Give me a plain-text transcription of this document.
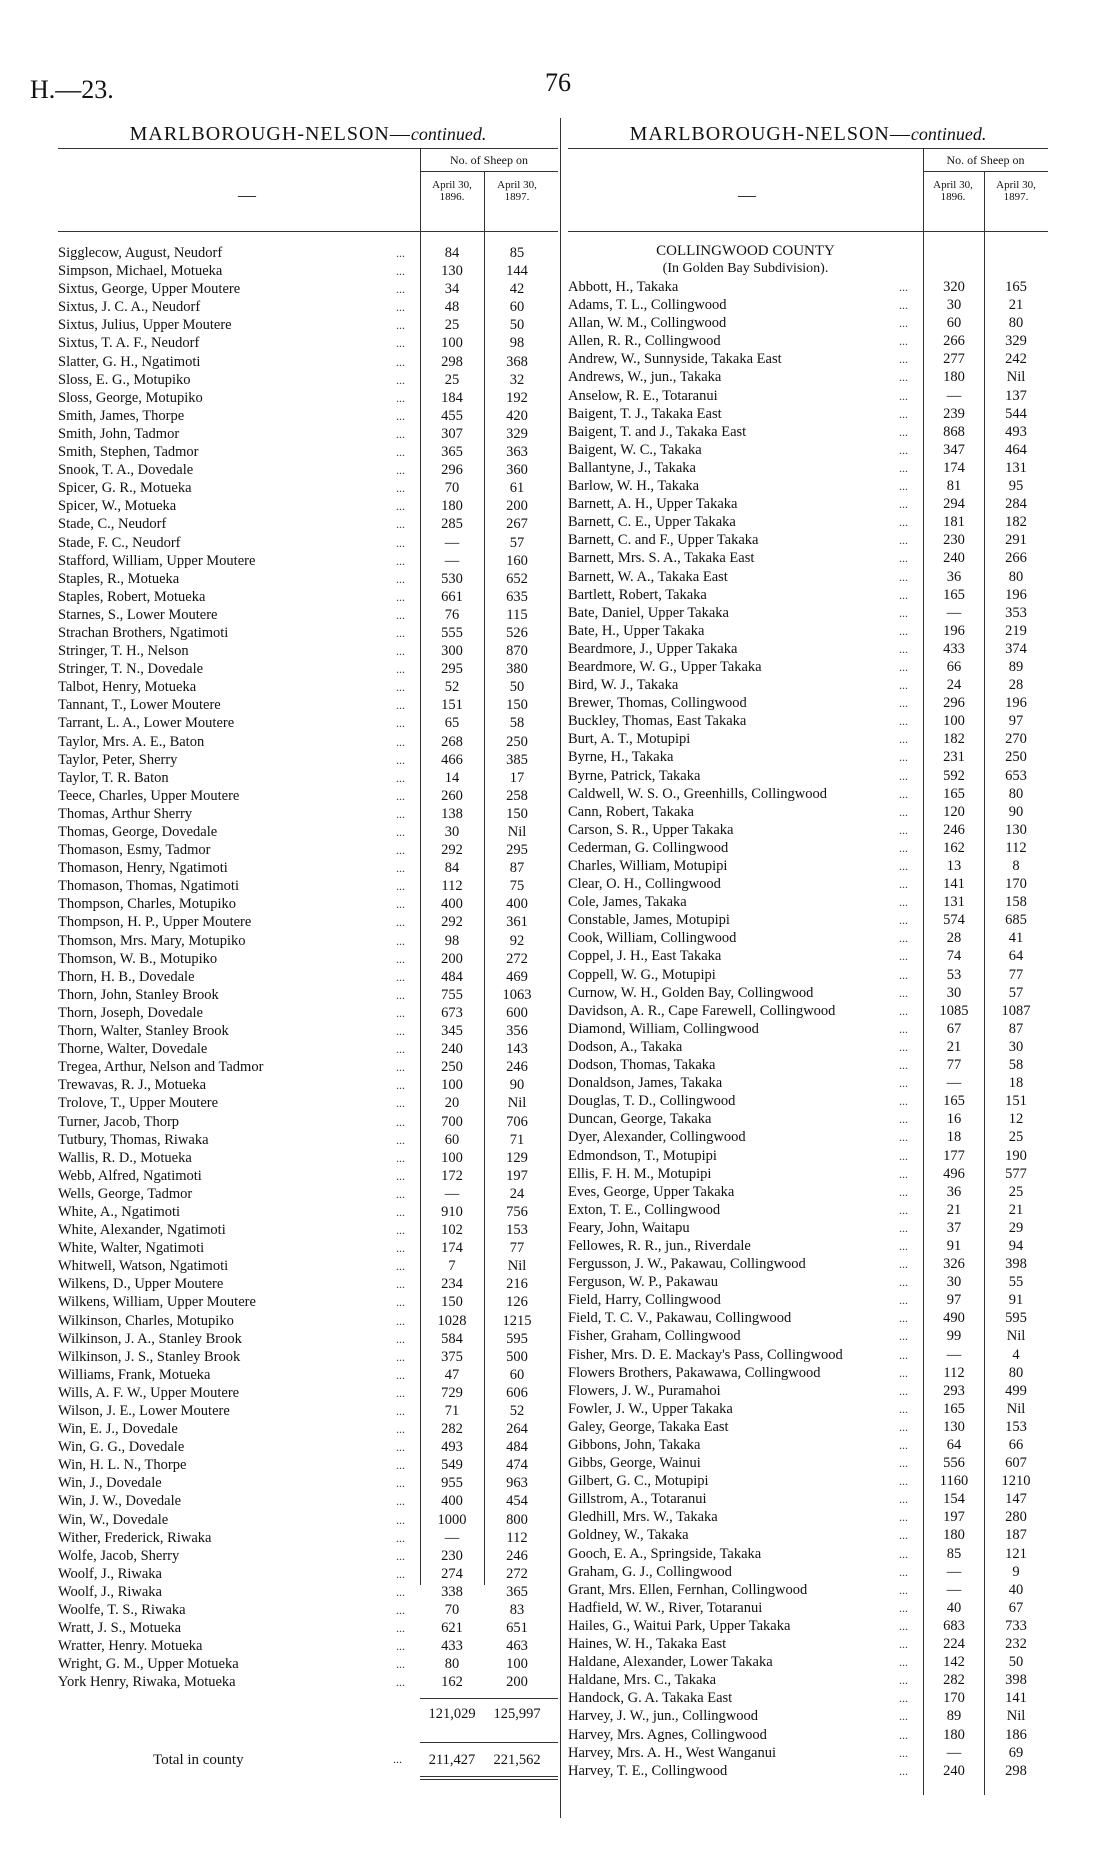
H.—23.	76
MARLBOROUGH-NELSON—continued.
—
No. of Sheep on
April 30, 1896.
April 30, 1897.
Sigglecow, August, Neudorf	...	84	85
Simpson, Michael, Motueka	...	130	144
Sixtus, George, Upper Moutere	...	34	42
Sixtus, J. C. A., Neudorf	...	48	60
Sixtus, Julius, Upper Moutere	...	25	50
Sixtus, T. A. F., Neudorf	...	100	98
Slatter, G. H., Ngatimoti	...	298	368
Sloss, E. G., Motupiko	...	25	32
Sloss, George, Motupiko	...	184	192
Smith, James, Thorpe	...	455	420
Smith, John, Tadmor	...	307	329
Smith, Stephen, Tadmor	...	365	363
Snook, T. A., Dovedale	...	296	360
Spicer, G. R., Motueka	...	70	61
Spicer, W., Motueka	...	180	200
Stade, C., Neudorf	...	285	267
Stade, F. C., Neudorf	...	—	57
Stafford, William, Upper Moutere	...	—	160
Staples, R., Motueka	...	530	652
Staples, Robert, Motueka	...	661	635
Starnes, S., Lower Moutere	...	76	115
Strachan Brothers, Ngatimoti	...	555	526
Stringer, T. H., Nelson	...	300	870
Stringer, T. N., Dovedale	...	295	380
Talbot, Henry, Motueka	...	52	50
Tannant, T., Lower Moutere	...	151	150
Tarrant, L. A., Lower Moutere	...	65	58
Taylor, Mrs. A. E., Baton	...	268	250
Taylor, Peter, Sherry	...	466	385
Taylor, T. R. Baton	...	14	17
Teece, Charles, Upper Moutere	...	260	258
Thomas, Arthur Sherry	...	138	150
Thomas, George, Dovedale	...	30	Nil
Thomason, Esmy, Tadmor	...	292	295
Thomason, Henry, Ngatimoti	...	84	87
Thomason, Thomas, Ngatimoti	...	112	75
Thompson, Charles, Motupiko	...	400	400
Thompson, H. P., Upper Moutere	...	292	361
Thomson, Mrs. Mary, Motupiko	...	98	92
Thomson, W. B., Motupiko	...	200	272
Thorn, H. B., Dovedale	...	484	469
Thorn, John, Stanley Brook	...	755	1063
Thorn, Joseph, Dovedale	...	673	600
Thorn, Walter, Stanley Brook	...	345	356
Thorne, Walter, Dovedale	...	240	143
Tregea, Arthur, Nelson and Tadmor	...	250	246
Trewavas, R. J., Motueka	...	100	90
Trolove, T., Upper Moutere	...	20	Nil
Turner, Jacob, Thorp	...	700	706
Tutbury, Thomas, Riwaka	...	60	71
Wallis, R. D., Motueka	...	100	129
Webb, Alfred, Ngatimoti	...	172	197
Wells, George, Tadmor	...	—	24
White, A., Ngatimoti	...	910	756
White, Alexander, Ngatimoti	...	102	153
White, Walter, Ngatimoti	...	174	77
Whitwell, Watson, Ngatimoti	...	7	Nil
Wilkens, D., Upper Moutere	...	234	216
Wilkens, William, Upper Moutere	...	150	126
Wilkinson, Charles, Motupiko	...	1028	1215
Wilkinson, J. A., Stanley Brook	...	584	595
Wilkinson, J. S., Stanley Brook	...	375	500
Williams, Frank, Motueka	...	47	60
Wills, A. F. W., Upper Moutere	...	729	606
Wilson, J. E., Lower Moutere	...	71	52
Win, E. J., Dovedale	...	282	264
Win, G. G., Dovedale	...	493	484
Win, H. L. N., Thorpe	...	549	474
Win, J., Dovedale	...	955	963
Win, J. W., Dovedale	...	400	454
Win, W., Dovedale	...	1000	800
Wither, Frederick, Riwaka	...	—	112
Wolfe, Jacob, Sherry	...	230	246
Woolf, J., Riwaka	...	274	272
Woolf, J., Riwaka	...	338	365
Woolfe, T. S., Riwaka	...	70	83
Wratt, J. S., Motueka	...	621	651
Wratter, Henry. Motueka	...	433	463
Wright, G. M., Upper Motueka	...	80	100
York Henry, Riwaka, Motueka	...	162	200
121,029	125,997
Total in county	...	211,427	221,562
MARLBOROUGH-NELSON—continued.
—
No. of Sheep on
April 30, 1896.
April 30, 1897.
COLLINGWOOD COUNTY
(In Golden Bay Subdivision).
Abbott, H., Takaka	...	320	165
Adams, T. L., Collingwood	...	30	21
Allan, W. M., Collingwood	...	60	80
Allen, R. R., Collingwood	...	266	329
Andrew, W., Sunnyside, Takaka East	...	277	242
Andrews, W., jun., Takaka	...	180	Nil
Anselow, R. E., Totaranui	...	—	137
Baigent, T. J., Takaka East	...	239	544
Baigent, T. and J., Takaka East	...	868	493
Baigent, W. C., Takaka	...	347	464
Ballantyne, J., Takaka	...	174	131
Barlow, W. H., Takaka	...	81	95
Barnett, A. H., Upper Takaka	...	294	284
Barnett, C. E., Upper Takaka	...	181	182
Barnett, C. and F., Upper Takaka	...	230	291
Barnett, Mrs. S. A., Takaka East	...	240	266
Barnett, W. A., Takaka East	...	36	80
Bartlett, Robert, Takaka	...	165	196
Bate, Daniel, Upper Takaka	...	—	353
Bate, H., Upper Takaka	...	196	219
Beardmore, J., Upper Takaka	...	433	374
Beardmore, W. G., Upper Takaka	...	66	89
Bird, W. J., Takaka	...	24	28
Brewer, Thomas, Collingwood	...	296	196
Buckley, Thomas, East Takaka	...	100	97
Burt, A. T., Motupipi	...	182	270
Byrne, H., Takaka	...	231	250
Byrne, Patrick, Takaka	...	592	653
Caldwell, W. S. O., Greenhills, Collingwood	...	165	80
Cann, Robert, Takaka	...	120	90
Carson, S. R., Upper Takaka	...	246	130
Cederman, G. Collingwood	...	162	112
Charles, William, Motupipi	...	13	8
Clear, O. H., Collingwood	...	141	170
Cole, James, Takaka	...	131	158
Constable, James, Motupipi	...	574	685
Cook, William, Collingwood	...	28	41
Coppel, J. H., East Takaka	...	74	64
Coppell, W. G., Motupipi	...	53	77
Curnow, W. H., Golden Bay, Collingwood	...	30	57
Davidson, A. R., Cape Farewell, Collingwood	...	1085	1087
Diamond, William, Collingwood	...	67	87
Dodson, A., Takaka	...	21	30
Dodson, Thomas, Takaka	...	77	58
Donaldson, James, Takaka	...	—	18
Douglas, T. D., Collingwood	...	165	151
Duncan, George, Takaka	...	16	12
Dyer, Alexander, Collingwood	...	18	25
Edmondson, T., Motupipi	...	177	190
Ellis, F. H. M., Motupipi	...	496	577
Eves, George, Upper Takaka	...	36	25
Exton, T. E., Collingwood	...	21	21
Feary, John, Waitapu	...	37	29
Fellowes, R. R., jun., Riverdale	...	91	94
Fergusson, J. W., Pakawau, Collingwood	...	326	398
Ferguson, W. P., Pakawau	...	30	55
Field, Harry, Collingwood	...	97	91
Field, T. C. V., Pakawau, Collingwood	...	490	595
Fisher, Graham, Collingwood	...	99	Nil
Fisher, Mrs. D. E. Mackay's Pass, Collingwood	...	—	4
Flowers Brothers, Pakawawa, Collingwood	...	112	80
Flowers, J. W., Puramahoi	...	293	499
Fowler, J. W., Upper Takaka	...	165	Nil
Galey, George, Takaka East	...	130	153
Gibbons, John, Takaka	...	64	66
Gibbs, George, Wainui	...	556	607
Gilbert, G. C., Motupipi	...	1160	1210
Gillstrom, A., Totaranui	...	154	147
Gledhill, Mrs. W., Takaka	...	197	280
Goldney, W., Takaka	...	180	187
Gooch, E. A., Springside, Takaka	...	85	121
Graham, G. J., Collingwood	...	—	9
Grant, Mrs. Ellen, Fernhan, Collingwood	...	—	40
Hadfield, W. W., River, Totaranui	...	40	67
Hailes, G., Waitui Park, Upper Takaka	...	683	733
Haines, W. H., Takaka East	...	224	232
Haldane, Alexander, Lower Takaka	...	142	50
Haldane, Mrs. C., Takaka	...	282	398
Handock, G. A. Takaka East	...	170	141
Harvey, J. W., jun., Collingwood	...	89	Nil
Harvey, Mrs. Agnes, Collingwood	...	180	186
Harvey, Mrs. A. H., West Wanganui	...	—	69
Harvey, T. E., Collingwood	...	240	298
